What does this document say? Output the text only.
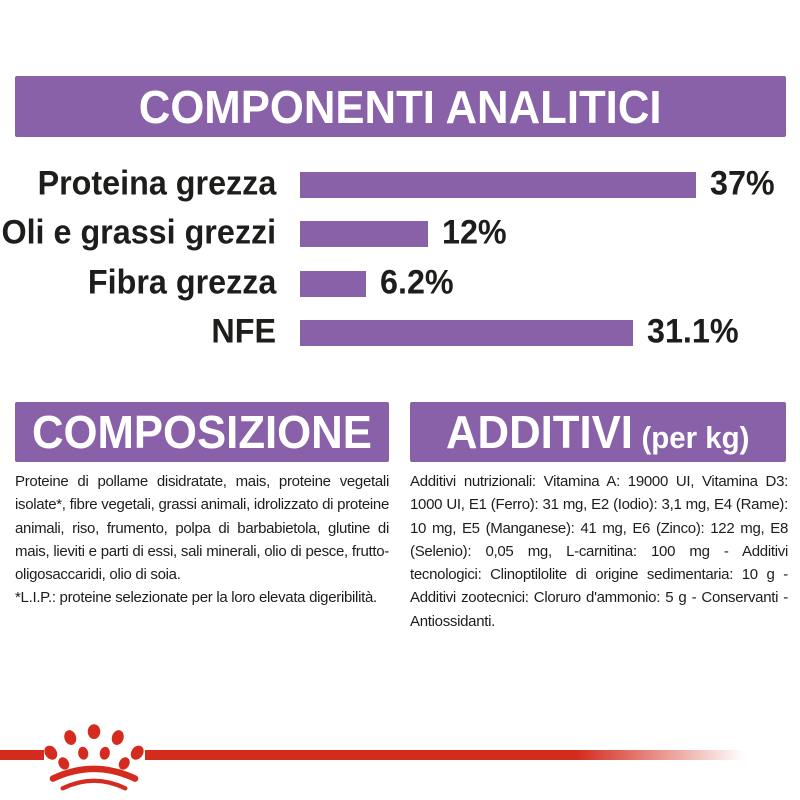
COMPONENTI ANALITICI
Proteina grezza	37%
Oli e grassi grezzi	12%
Fibra grezza	6.2%
NFE	31.1%
COMPOSIZIONE

Proteine di pollame disidratate, mais, proteine vegetali isolate*, fibre vegetali, grassi animali, idrolizzato di proteine animali, riso, frumento, polpa di barbabietola, glutine di mais, lieviti e parti di essi, sali minerali, olio di pesce, frutto-oligosaccaridi, olio di soia.

*L.I.P.: proteine selezionate per la loro elevata digeribilità.

ADDITIVI (per kg)

Additivi nutrizionali: Vitamina A: 19000 UI, Vitamina D3: 1000 UI, E1 (Ferro): 31 mg, E2 (Iodio): 3,1 mg, E4 (Rame): 10 mg, E5 (Manganese): 41 mg, E6 (Zinco): 122 mg, E8 (Selenio): 0,05 mg, L-carnitina: 100 mg - Additivi tecnologici: Clinoptilolite di origine sedimentaria: 10 g - Additivi zootecnici: Cloruro d'ammonio: 5 g - Conservanti - Antiossidanti.
